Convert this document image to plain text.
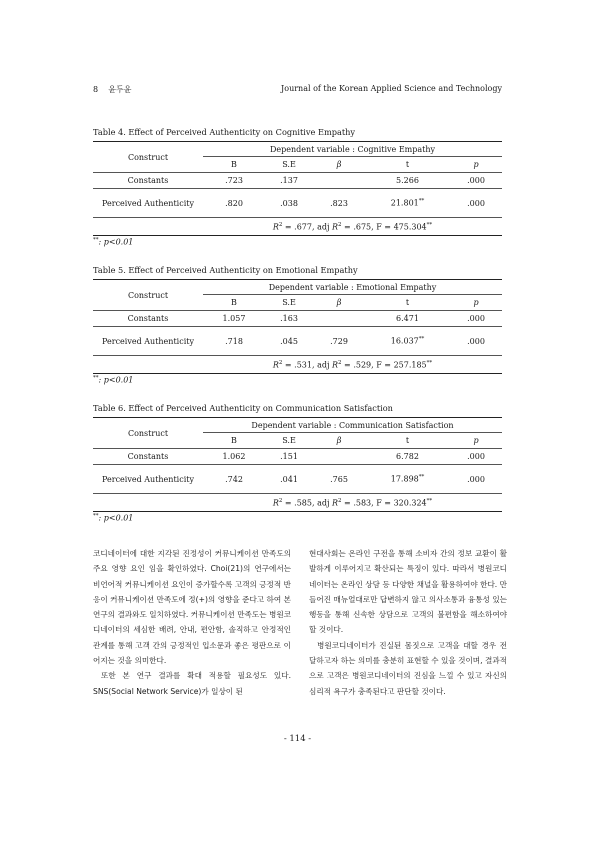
8 윤두윤	Journal of the Korean Applied Science and Technology
Table 4. Effect of Perceived Authenticity on Cognitive Empathy
Construct	Dependent variable : Cognitive Empathy				
	B	S.E	β	t	p
Constants	.723	.137		5.266	.000
Perceived Authenticity	.820	.038	.823	21.801**	.000
	$R^2 = .677$, adj $R^2 = .675$, F = 475.304**
**: p<0.01
Table 5. Effect of Perceived Authenticity on Emotional Empathy
Construct	Dependent variable : Emotional Empathy				
	B	S.E	β	t	p
Constants	1.057	.163		6.471	.000
Perceived Authenticity	.718	.045	.729	16.037**	.000
	$R^2 = .531$, adj $R^2 = .529$, F = 257.185**
**: p<0.01
Table 6. Effect of Perceived Authenticity on Communication Satisfaction
Construct	Dependent variable : Communication Satisfaction				
	B	S.E	β	t	p
Constants	1.062	.151		6.782	.000
Perceived Authenticity	.742	.041	.765	17.898**	.000
	$R^2 = .585$, adj $R^2 = .583$, F = 320.324**
**: p<0.01

코디네이터에 대한 지각된 진정성이 커뮤니케이션 만족도의 주요 영향 요인 임을 확인하였다. Choi(21)의 연구에서는 비언어적 커뮤니케이션 요인이 증가할수록 고객의 긍정적 반응이 커뮤니케이션 만족도에 정(+)의 영향을 준다고 하여 본 연구의 결과와도 일치하였다. 커뮤니케이션 만족도는 병원코디네이터의 세심한 배려, 안내, 편안함, 솔직하고 안정적인 관계를 통해 고객 간의 긍정적인 입소문과 좋은 평판으로 이어지는 것을 의미한다.

또한 본 연구 결과를 확대 적용할 필요성도 있다. SNS(Social Network Service)가 일상이 된

현대사회는 온라인 구전을 통해 소비자 간의 정보 교환이 활발하게 이루어지고 확산되는 특징이 있다. 따라서 병원코디네이터는 온라인 상담 등 다양한 채널을 활용하여야 한다. 만들어진 매뉴얼대로만 답변하지 않고 의사소통과 융통성 있는 행동을 통해 신속한 상담으로 고객의 불편함을 해소하여야 할 것이다.

병원코디네이터가 진실된 몸짓으로 고객을 대할 경우 전달하고자 하는 의미를 충분히 표현할 수 있을 것이며, 결과적으로 고객은 병원코디네이터의 진심을 느낄 수 있고 자신의 심리적 욕구가 충족된다고 판단할 것이다.

- 114 -
